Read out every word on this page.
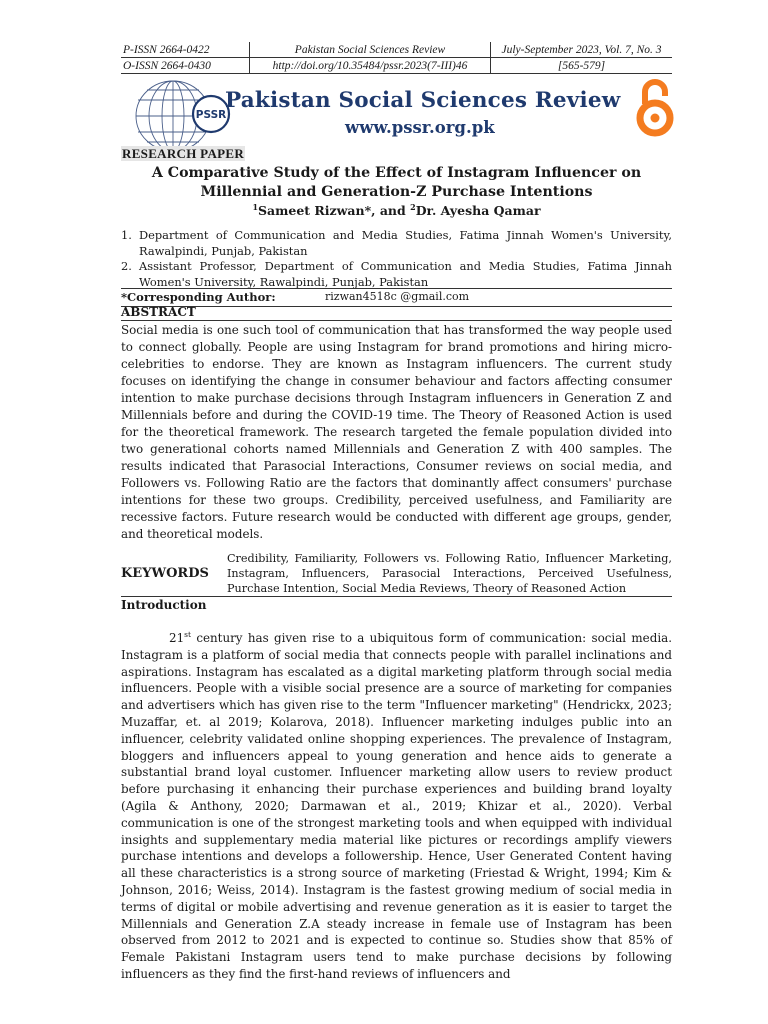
P-ISSN 2664-0422	Pakistan Social Sciences Review	July-September 2023, Vol. 7, No. 3
O-ISSN 2664-0430	http://doi.org/10.35484/pssr.2023(7-III)46	[565-579]
PSSR
Pakistan Social Sciences Review
www.pssr.org.pk
RESEARCH PAPER
A Comparative Study of the Effect of Instagram Influencer on
Millennial and Generation-Z Purchase Intentions
$^1$Sameet Rizwan*, and $^2$Dr. Ayesha Qamar
1. Department of Communication and Media Studies, Fatima Jinnah Women's University, Rawalpindi, Punjab, Pakistan
2. Assistant Professor, Department of Communication and Media Studies, Fatima Jinnah Women's University, Rawalpindi, Punjab, Pakistan
*Corresponding Author:	rizwan4518c @gmail.com
ABSTRACT
Social media is one such tool of communication that has transformed the way people used to connect globally. People are using Instagram for brand promotions and hiring micro-celebrities to endorse. They are known as Instagram influencers. The current study focuses on identifying the change in consumer behaviour and factors affecting consumer intention to make purchase decisions through Instagram influencers in Generation Z and Millennials before and during the COVID-19 time. The Theory of Reasoned Action is used for the theoretical framework. The research targeted the female population divided into two generational cohorts named Millennials and Generation Z with 400 samples. The results indicated that Parasocial Interactions, Consumer reviews on social media, and Followers vs. Following Ratio are the factors that dominantly affect consumers' purchase intentions for these two groups. Credibility, perceived usefulness, and Familiarity are recessive factors. Future research would be conducted with different age groups, gender, and theoretical models.
KEYWORDS
Credibility, Familiarity, Followers vs. Following Ratio, Influencer Marketing, Instagram, Influencers, Parasocial Interactions, Perceived Usefulness, Purchase Intention, Social Media Reviews, Theory of Reasoned Action
Introduction
21st century has given rise to a ubiquitous form of communication: social media. Instagram is a platform of social media that connects people with parallel inclinations and aspirations. Instagram has escalated as a digital marketing platform through social media influencers. People with a visible social presence are a source of marketing for companies and advertisers which has given rise to the term "Influencer marketing" (Hendrickx, 2023; Muzaffar, et. al 2019; Kolarova, 2018). Influencer marketing indulges public into an influencer, celebrity validated online shopping experiences. The prevalence of Instagram, bloggers and influencers appeal to young generation and hence aids to generate a substantial brand loyal customer. Influencer marketing allow users to review product before purchasing it enhancing their purchase experiences and building brand loyalty (Agila & Anthony, 2020; Darmawan et al., 2019; Khizar et al., 2020). Verbal communication is one of the strongest marketing tools and when equipped with individual insights and supplementary media material like pictures or recordings amplify viewers purchase intentions and develops a followership. Hence, User Generated Content having all these characteristics is a strong source of marketing (Friestad & Wright, 1994; Kim & Johnson, 2016; Weiss, 2014). Instagram is the fastest growing medium of social media in terms of digital or mobile advertising and revenue generation as it is easier to target the Millennials and Generation Z.A steady increase in female use of Instagram has been observed from 2012 to 2021 and is expected to continue so. Studies show that 85% of Female Pakistani Instagram users tend to make purchase decisions by following influencers as they find the first-hand reviews of influencers and
